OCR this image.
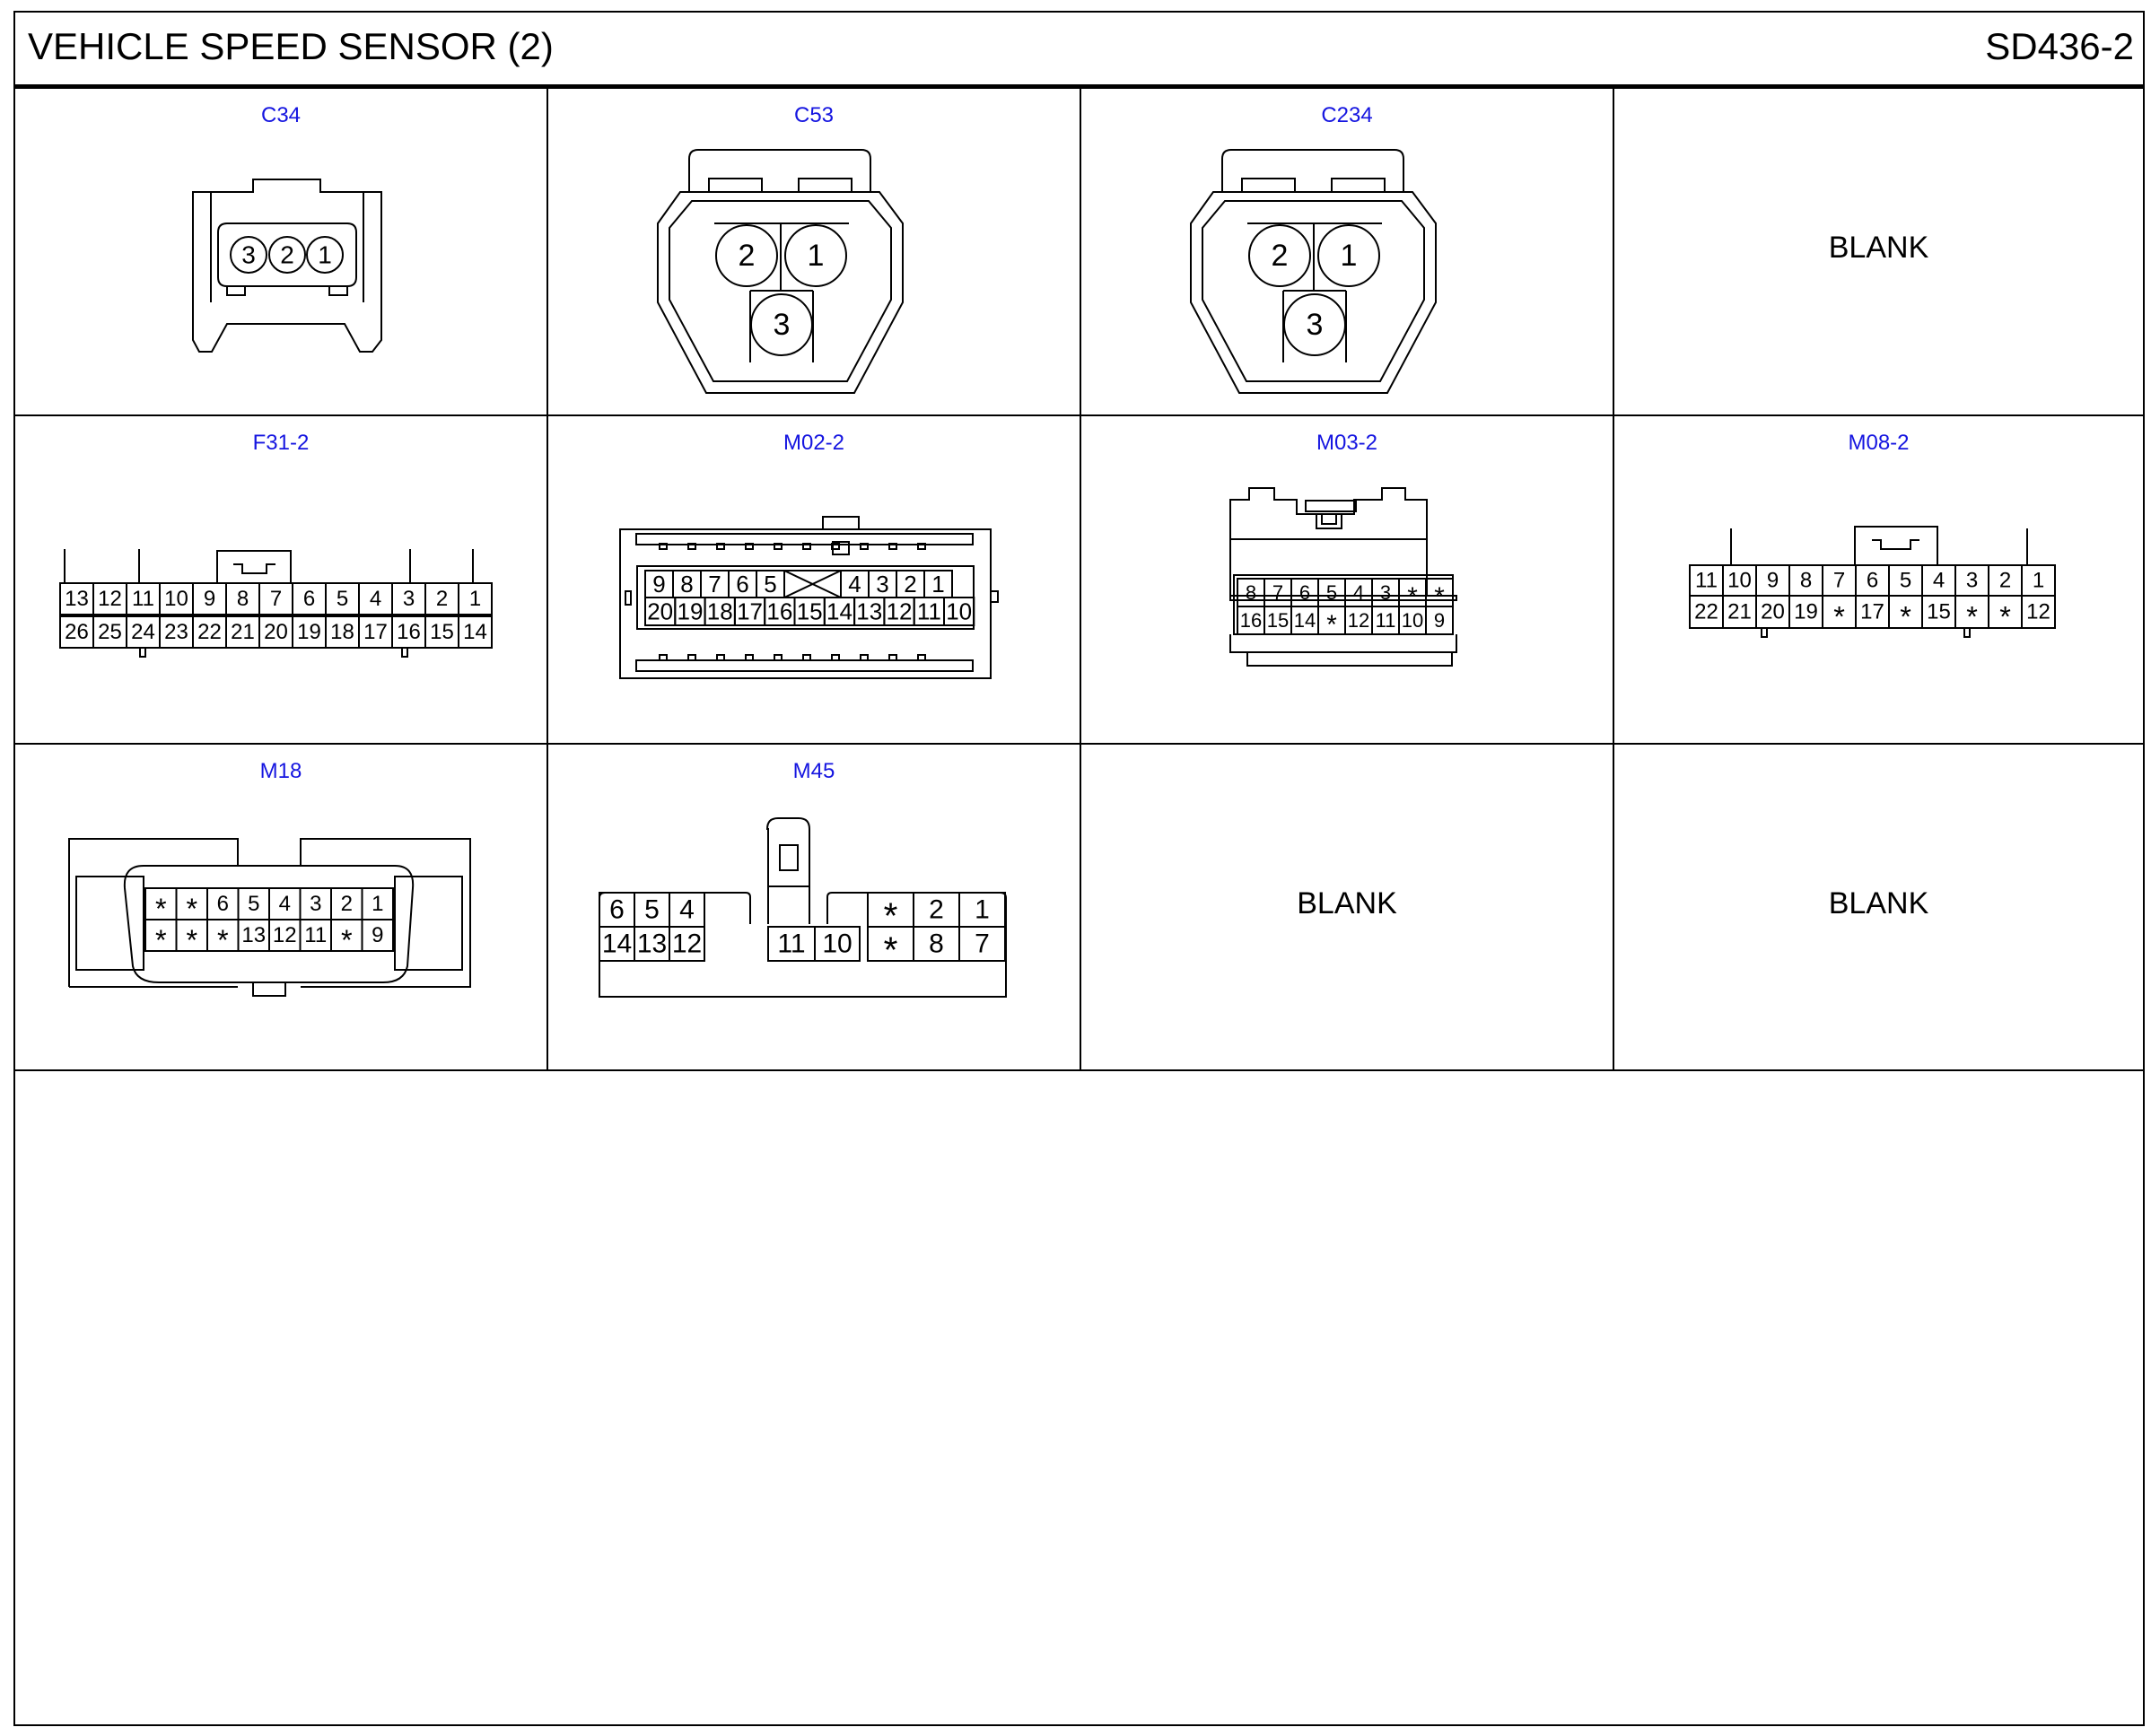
VEHICLE SPEED SENSOR (2)	SD436-2
C34
3 2 1
C53
2 1
3
C234
2 1
3
BLANK
F31-2
13 12 11 10 9 8 7 6 5 4 3 2 1
26 25 24 23 22 21 20 19 18 17 16 15 14
M02-2
9 8 7 6 5	4 3 2 1
20 19 18 17 16 15 14 13 12 11 10
M03-2
8 7 6 5 4 3 * *
16 15 14 * 12 11 10 9
M08-2
11 10 9 8 7 6 5 4 3 2 1
22 21 20 19 * 17 * 15 * * 12
M18
* * 6 5 4 3 2 1
* * * 13 12 11 * 9
M45
6 5 4	* 2 1
14 13 12	11 10 * 8 7
BLANK	BLANK
